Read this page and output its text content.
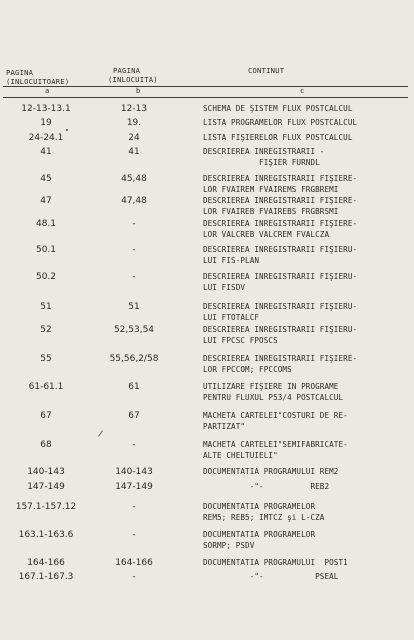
PAGINA
(INLOCUITOARE)
PAGINA
(INLOCUITA)
CONTINUT
a	b	c
12-13-13.1	12-13	SCHEMA DE ŞISTEM FLUX POSTCALCUL
19	19.	LISTA PROGRAMELOR FLUX POSTCALCUL
24-24.1	24	LISTA FIŞIERELOR FLUX POSTCALCUL
41	41	DESCRIEREA INREGISTRARII -
FIŞIER FURNDL
45	45,48	DESCRIEREA INREGISTRARII FIŞIERE-
LOR FVAIREM FVAIREMS FRGBREMI
47	47,48	DESCRIEREA INREGISTRARII FIŞIERE-
LOR FVAIREB FVAIREBS FRGBRSMI
48.1	-	DESCRIEREA INREGISTRARII FIŞIERE-
LOR VALCREB VALCREM FVALCZA
50.1	-	DESCRIEREA INREGISTRARII FIŞIERU-
LUI FIS-PLAN
50.2	-	DESCRIEREA INREGISTRARII FIŞIERU-
LUI FISDV
51	51	DESCRIEREA INREGISTRARII FIŞIERU-
LUI FTOTALCF
52	52,53,54	DESCRIEREA INREGISTRARII FIŞIERU-
LUI FPCSC FPOSCS
55	55,56,2/58	DESCRIEREA INREGISTRARII FIŞIERE-
LOR FPCCOM; FPCCOMS
61-61.1	61	UTILIZARE FIŞIERE IN PROGRAME
PENTRU FLUXUL P53/4 POSTCALCUL
67	67	MACHETA CARTELEI"COSTURI DE RE-
PARTIZAT"
68	-	MACHETA CARTELEI"SEMIFABRICATE-
ALTE CHELTUIELI"
140-143	140-143	DOCUMENTATIA PROGRAMULUI REM2
147-149	147-149	-"-          REB2
157.1-157.12	-	DOCUMENTATIA PROGRAMELOR
REM5; REB5; IMTCZ şi L-CZA
163.1-163.6	-	DOCUMENTATIA PROGRAMELOR
SORMP; PSDV
164-166	164-166	DOCUMENTATIA PROGRAMULUI  POST1
167.1-167.3	-	-"-           PSEAL
